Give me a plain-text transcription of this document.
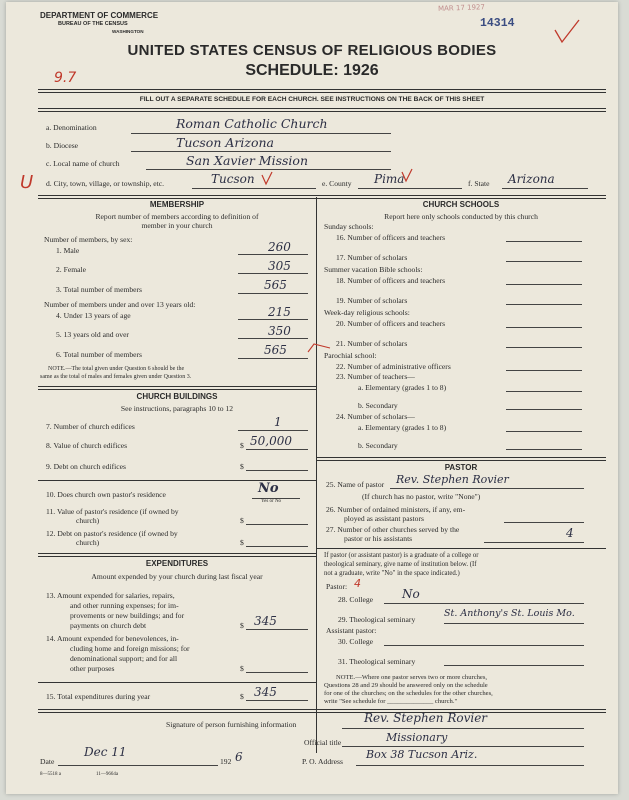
DEPARTMENT OF COMMERCE
BUREAU OF THE CENSUS
WASHINGTON
MAR 17 1927
14314
UNITED STATES CENSUS OF RELIGIOUS BODIES
SCHEDULE: 1926
9.7
FILL OUT A SEPARATE SCHEDULE FOR EACH CHURCH. SEE INSTRUCTIONS ON THE BACK OF THIS SHEET
a. Denomination	Roman Catholic Church
b. Diocese	Tucson Arizona
c. Local name of church	San Xavier Mission
U d. City, town, village, or township, etc.	Tucson	e. County Pima	f. State Arizona
MEMBERSHIP
Report number of members according to definition of
member in your church
Number of members, by sex:
1. Male	260
2. Female	305
3. Total number of members	565
Number of members under and over 13 years old:
4. Under 13 years of age	215
5. 13 years old and over	350
6. Total number of members	565
NOTE.—The total given under Question 6 should be the
same as the total of males and females given under Question 3.
CHURCH BUILDINGS
See instructions, paragraphs 10 to 12
7. Number of church edifices	1
8. Value of church edifices	$ 50,000
9. Debt on church edifices	$
10. Does church own pastor's residence	No
Yes or No
11. Value of pastor's residence (if owned by
church)	$
12. Debt on pastor's residence (if owned by
church)	$
EXPENDITURES
Amount expended by your church during last fiscal year
13. Amount expended for salaries, repairs,
and other running expenses; for im-
provements or new buildings; and for
payments on church debt	$ 345
14. Amount expended for benevolences, in-
cluding home and foreign missions; for
denominational support; and for all
other purposes	$
15. Total expenditures during year	$ 345
CHURCH SCHOOLS
Report here only schools conducted by this church
Sunday schools:
16. Number of officers and teachers
17. Number of scholars
Summer vacation Bible schools:
18. Number of officers and teachers
19. Number of scholars
Week-day religious schools:
20. Number of officers and teachers
21. Number of scholars
Parochial school:
22. Number of administrative officers
23. Number of teachers—
a. Elementary (grades 1 to 8)
b. Secondary
24. Number of scholars—
a. Elementary (grades 1 to 8)
b. Secondary
PASTOR
25. Name of pastor Rev. Stephen Rovier
(If church has no pastor, write "None")
26. Number of ordained ministers, if any, em-
ployed as assistant pastors
27. Number of other churches served by the
pastor or his assistants	4
If pastor (or assistant pastor) is a graduate of a college or
theological seminary, give name of institution below. (If
not a graduate, write "No" in the space indicated.)
Pastor: 4
28. College No
29. Theological seminary
St. Anthony's St. Louis Mo.
Assistant pastor:
30. College
31. Theological seminary
NOTE.—Where one pastor serves two or more churches,
Questions 28 and 29 should be answered only on the schedule
for one of the churches; on the schedules for the other churches,
write "See schedule for ______________ church."
Signature of person furnishing information	Rev. Stephen Rovier
Official title	Missionary
Date
Dec 11
192 6	P. O. Address
Box 38 Tucson Ariz.
8—5518 a	11—9664a
